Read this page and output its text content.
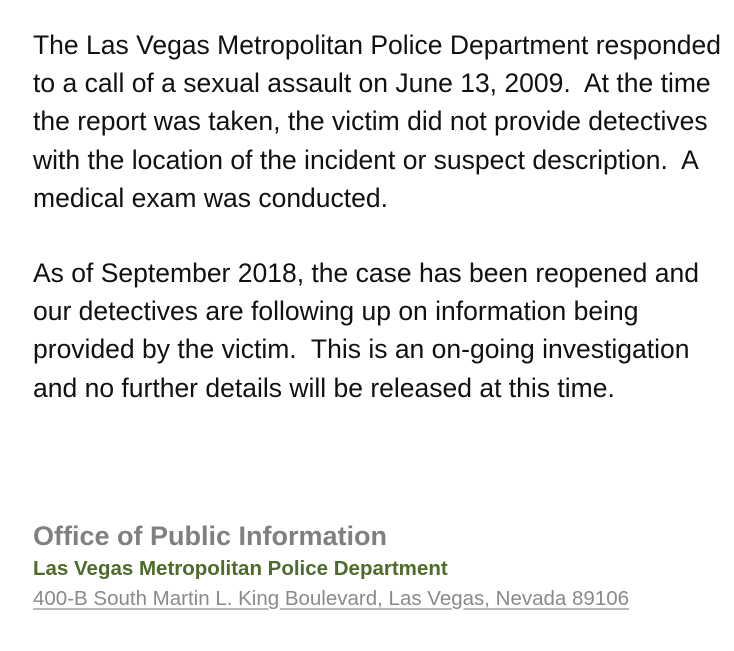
The Las Vegas Metropolitan Police Department responded to a call of a sexual assault on June 13, 2009.  At the time the report was taken, the victim did not provide detectives with the location of the incident or suspect description.  A medical exam was conducted.

As of September 2018, the case has been reopened and our detectives are following up on information being provided by the victim.  This is an on-going investigation and no further details will be released at this time.

Office of Public Information
Las Vegas Metropolitan Police Department
400-B South Martin L. King Boulevard, Las Vegas, Nevada 89106
